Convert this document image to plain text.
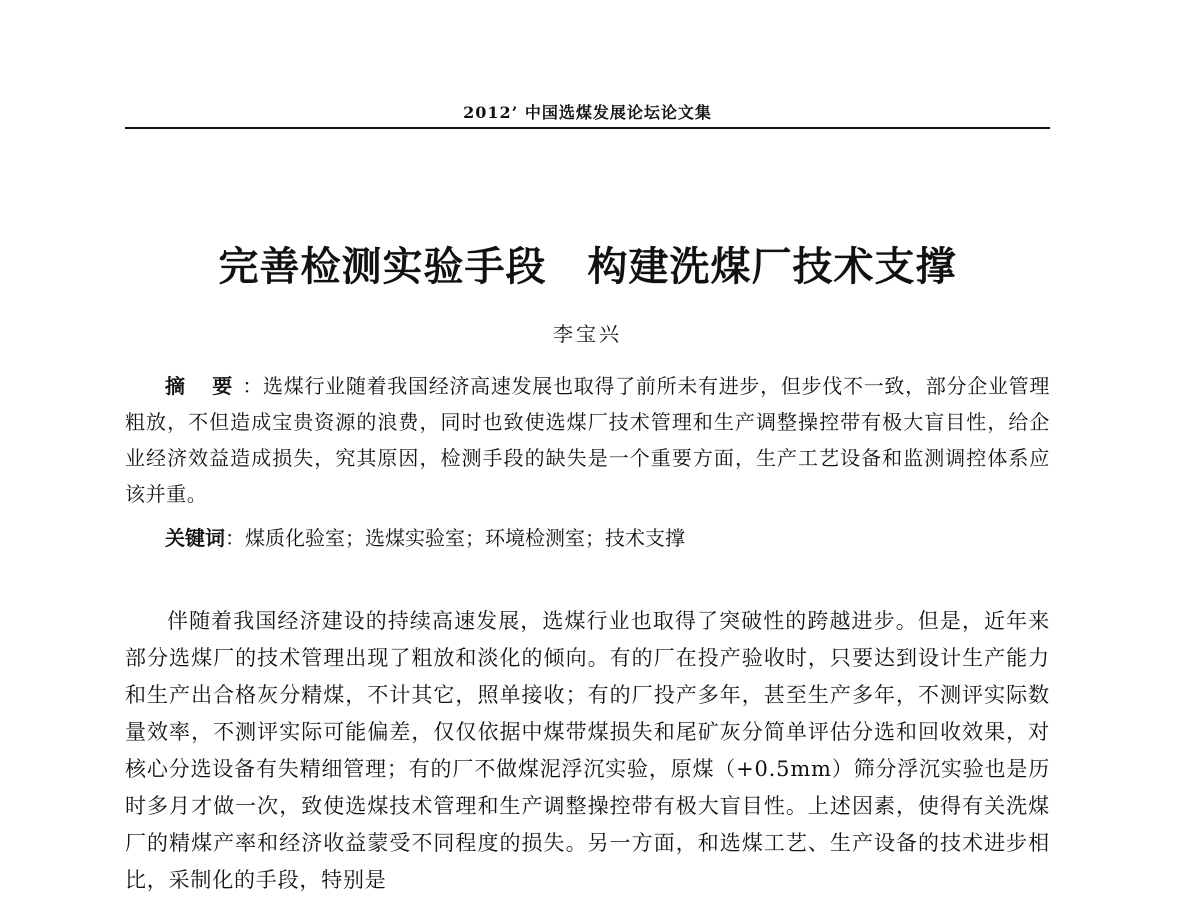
2012’ 中国选煤发展论坛论文集
完善检测实验手段　构建洗煤厂技术支撑
李宝兴

摘 要：选煤行业随着我国经济高速发展也取得了前所未有进步，但步伐不一致，部分企业管理粗放，不但造成宝贵资源的浪费，同时也致使选煤厂技术管理和生产调整操控带有极大盲目性，给企业经济效益造成损失，究其原因，检测手段的缺失是一个重要方面，生产工艺设备和监测调控体系应该并重。

关键词：煤质化验室；选煤实验室；环境检测室；技术支撑

伴随着我国经济建设的持续高速发展，选煤行业也取得了突破性的跨越进步。但是，近年来部分选煤厂的技术管理出现了粗放和淡化的倾向。有的厂在投产验收时，只要达到设计生产能力和生产出合格灰分精煤，不计其它，照单接收；有的厂投产多年，甚至生产多年，不测评实际数量效率，不测评实际可能偏差，仅仅依据中煤带煤损失和尾矿灰分简单评估分选和回收效果，对核心分选设备有失精细管理；有的厂不做煤泥浮沉实验，原煤（+0.5mm）筛分浮沉实验也是历时多月才做一次，致使选煤技术管理和生产调整操控带有极大盲目性。上述因素，使得有关洗煤厂的精煤产率和经济收益蒙受不同程度的损失。另一方面，和选煤工艺、生产设备的技术进步相比，采制化的手段，特别是
